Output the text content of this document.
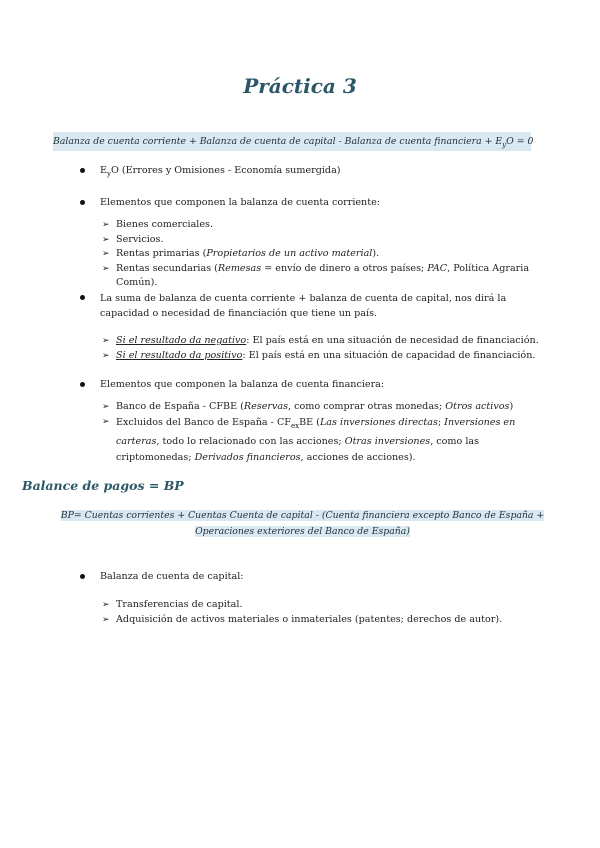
Práctica 3
Balanza de cuenta corriente + Balanza de cuenta de capital - Balanza de cuenta financiera + $E_yO = 0$
$E_yO$ (Errores y Omisiones - Economía sumergida)
Elementos que componen la balanza de cuenta corriente:
➢ Bienes comerciales.
➢ Servicios.
➢ Rentas primarias (Propietarios de un activo material).
➢ Rentas secundarias (Remesas = envío de dinero a otros países; PAC, Política Agraria Común).
La suma de balanza de cuenta corriente + balanza de cuenta de capital, nos dirá la capacidad o necesidad de financiación que tiene un país.
➢ Si el resultado da negativo: El país está en una situación de necesidad de financiación.
➢ Si el resultado da positivo: El país está en una situación de capacidad de financiación.
Elementos que componen la balanza de cuenta financiera:
➢ Banco de España - CFBE (Reservas, como comprar otras monedas; Otros activos)
➢ Excluidos del Banco de España - $CF_{ex}BE$ (Las inversiones directas; Inversiones en carteras, todo lo relacionado con las acciones; Otras inversiones, como las criptomonedas; Derivados financieros, acciones de acciones).
Balance de pagos = BP
BP= Cuentas corrientes + Cuentas Cuenta de capital - (Cuenta financiera excepto Banco de España + Operaciones exteriores del Banco de España)
Balanza de cuenta de capital:
➢ Transferencias de capital.
➢ Adquisición de activos materiales o inmateriales (patentes; derechos de autor).
